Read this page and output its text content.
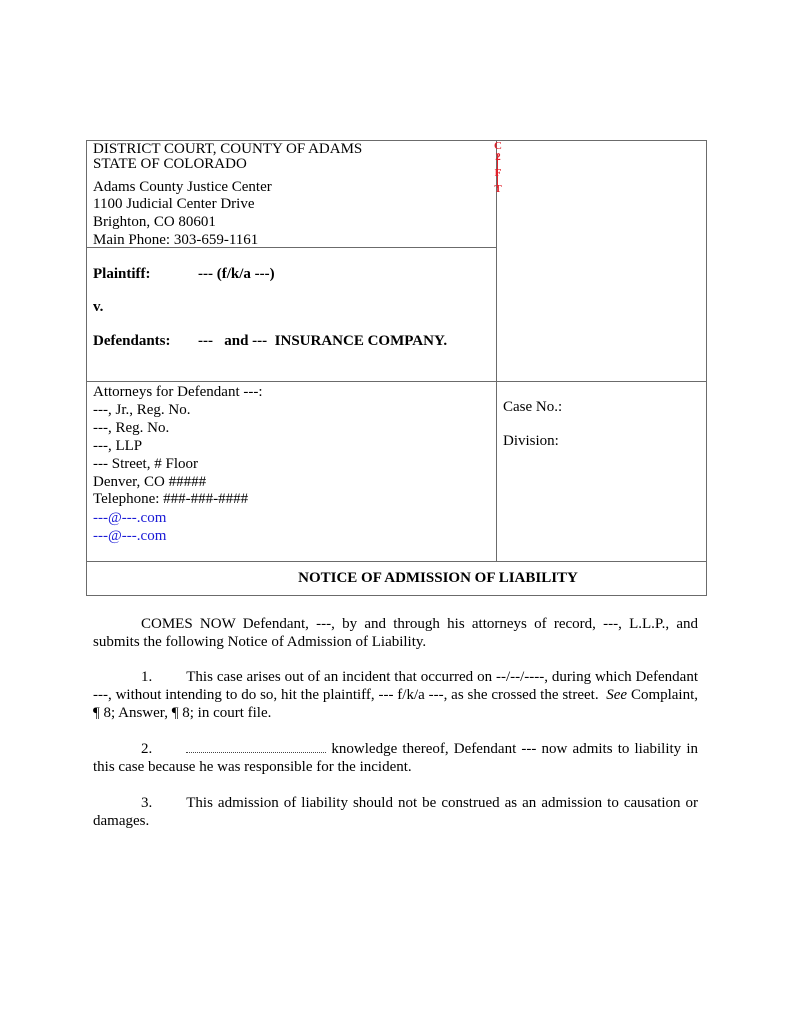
DISTRICT COURT, COUNTY OF ADAMS
STATE OF COLORADO
Adams County Justice Center
1100 Judicial Center Drive
Brighton, CO 80601
Main Phone: 303-659-1161
C
2
F
T
Plaintiff:	--- (f/k/a ---)
v.
Defendants: ---   and ---  INSURANCE COMPANY.
Attorneys for Defendant ---:
---, Jr., Reg. No.
---, Reg. No.
---, LLP
--- Street, # Floor
Denver, CO #####
Telephone: ###-###-####
---@---.com
---@---.com
Case No.:
Division:
NOTICE OF ADMISSION OF LIABILITY
COMES NOW Defendant, ---, by and through his attorneys of record, ---, L.L.P., and submits the following Notice of Admission of Liability.
1. This case arises out of an incident that occurred on --/--/----, during which Defendant ---, without intending to do so, hit the plaintiff, --- f/k/a ---, as she crossed the street. See Complaint, ¶ 8; Answer, ¶ 8; in court file.
2.	knowledge thereof, Defendant --- now admits to liability in this case because he was responsible for the incident.
3. This admission of liability should not be construed as an admission to causation or damages.
